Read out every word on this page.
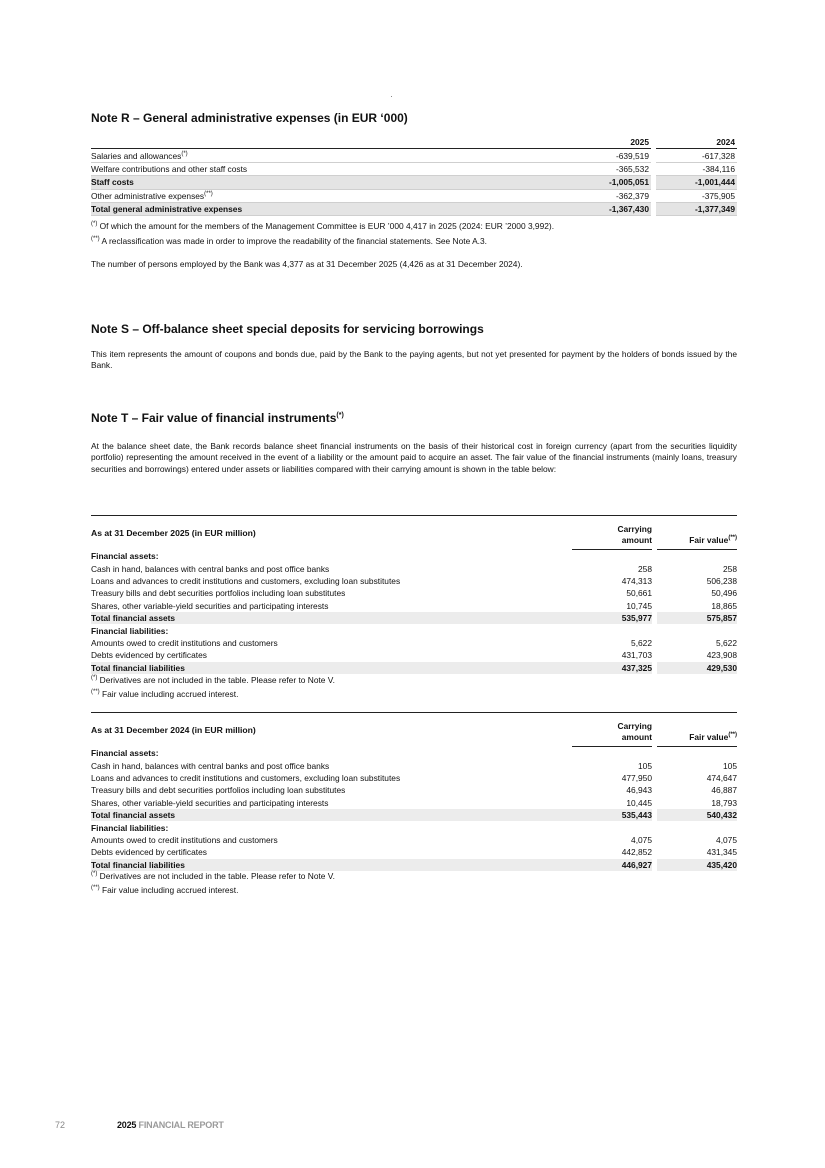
Note R – General administrative expenses (in EUR ‘000)
	2025		2024
Salaries and allowances(*)	-639,519		-617,328
Welfare contributions and other staff costs	-365,532		-384,116
Staff costs	-1,005,051		-1,001,444
Other administrative expenses(**)	-362,379		-375,905
Total general administrative expenses	-1,367,430		-1,377,349

(*) Of which the amount for the members of the Management Committee is EUR ’000 4,417 in 2025 (2024: EUR ’2000 3,992).

(**) A reclassification was made in order to improve the readability of the financial statements. See Note A.3.

The number of persons employed by the Bank was 4,377 as at 31 December 2025 (4,426 as at 31 December 2024).

Note S – Off-balance sheet special deposits for servicing borrowings

This item represents the amount of coupons and bonds due, paid by the Bank to the paying agents, but not yet presented for payment by the holders of bonds issued by the Bank.

Note T – Fair value of financial instruments(*)

At the balance sheet date, the Bank records balance sheet financial instruments on the basis of their historical cost in foreign currency (apart from the securities liquidity portfolio) representing the amount received in the event of a liability or the amount paid to acquire an asset. The fair value of the financial instruments (mainly loans, treasury securities and borrowings) entered under assets or liabilities compared with their carrying amount is shown in the table below:

As at 31 December 2025 (in EUR million)	Carrying
amount		Fair value(**)
Financial assets:			
Cash in hand, balances with central banks and post office banks	258		258
Loans and advances to credit institutions and customers, excluding loan substitutes	474,313		506,238
Treasury bills and debt securities portfolios including loan substitutes	50,661		50,496
Shares, other variable-yield securities and participating interests	10,745		18,865
Total financial assets	535,977		575,857
Financial liabilities:			
Amounts owed to credit institutions and customers	5,622		5,622
Debts evidenced by certificates	431,703		423,908
Total financial liabilities	437,325		429,530

(*) Derivatives are not included in the table. Please refer to Note V.

(**) Fair value including accrued interest.

As at 31 December 2024 (in EUR million)	Carrying
amount		Fair value(**)
Financial assets:			
Cash in hand, balances with central banks and post office banks	105		105
Loans and advances to credit institutions and customers, excluding loan substitutes	477,950		474,647
Treasury bills and debt securities portfolios including loan substitutes	46,943		46,887
Shares, other variable-yield securities and participating interests	10,445		18,793
Total financial assets	535,443		540,432
Financial liabilities:			
Amounts owed to credit institutions and customers	4,075		4,075
Debts evidenced by certificates	442,852		431,345
Total financial liabilities	446,927		435,420

(*) Derivatives are not included in the table. Please refer to Note V.

(**) Fair value including accrued interest.

72	2025 FINANCIAL REPORT
